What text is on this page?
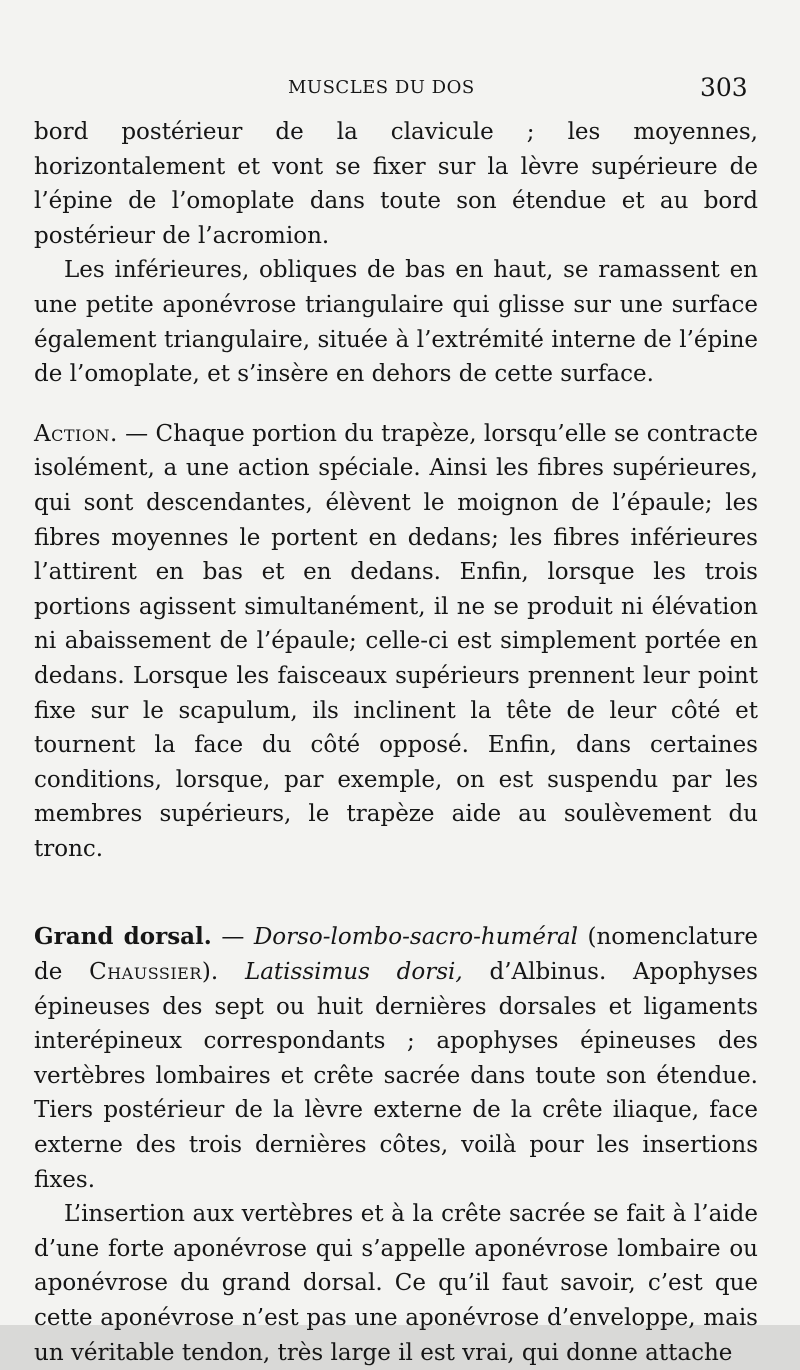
MUSCLES DU DOS	303

bord postérieur de la clavicule ; les moyennes, horizontalement et vont se fixer sur la lèvre supérieure de l’épine de l’omoplate dans toute son étendue et au bord postérieur de l’acromion.

Les inférieures, obliques de bas en haut, se ramassent en une petite aponévrose triangulaire qui glisse sur une surface également triangulaire, située à l’extrémité interne de l’épine de l’omoplate, et s’insère en dehors de cette surface.

Action. — Chaque portion du trapèze, lorsqu’elle se contracte isolément, a une action spéciale. Ainsi les fibres supérieures, qui sont descendantes, élèvent le moignon de l’épaule; les fibres moyennes le portent en dedans; les fibres inférieures l’attirent en bas et en dedans. Enfin, lorsque les trois portions agissent simultanément, il ne se produit ni élévation ni abaissement de l’épaule; celle-ci est simplement portée en dedans. Lorsque les faisceaux supérieurs prennent leur point fixe sur le scapulum, ils inclinent la tête de leur côté et tournent la face du côté opposé. Enfin, dans certaines conditions, lorsque, par exemple, on est suspendu par les membres supérieurs, le trapèze aide au soulèvement du tronc.

Grand dorsal. — Dorso-lombo-sacro-huméral (nomenclature de Chaussier). Latissimus dorsi, d’Albinus. Apophyses épineuses des sept ou huit dernières dorsales et ligaments interépineux correspondants ; apophyses épineuses des vertèbres lombaires et crête sacrée dans toute son étendue. Tiers postérieur de la lèvre externe de la crête iliaque, face externe des trois dernières côtes, voilà pour les insertions fixes.

L’insertion aux vertèbres et à la crête sacrée se fait à l’aide d’une forte aponévrose qui s’appelle aponévrose lombaire ou aponévrose du grand dorsal. Ce qu’il faut savoir, c’est que cette aponévrose n’est pas une aponévrose d’enveloppe, mais un véritable tendon, très large il est vrai, qui donne attache
